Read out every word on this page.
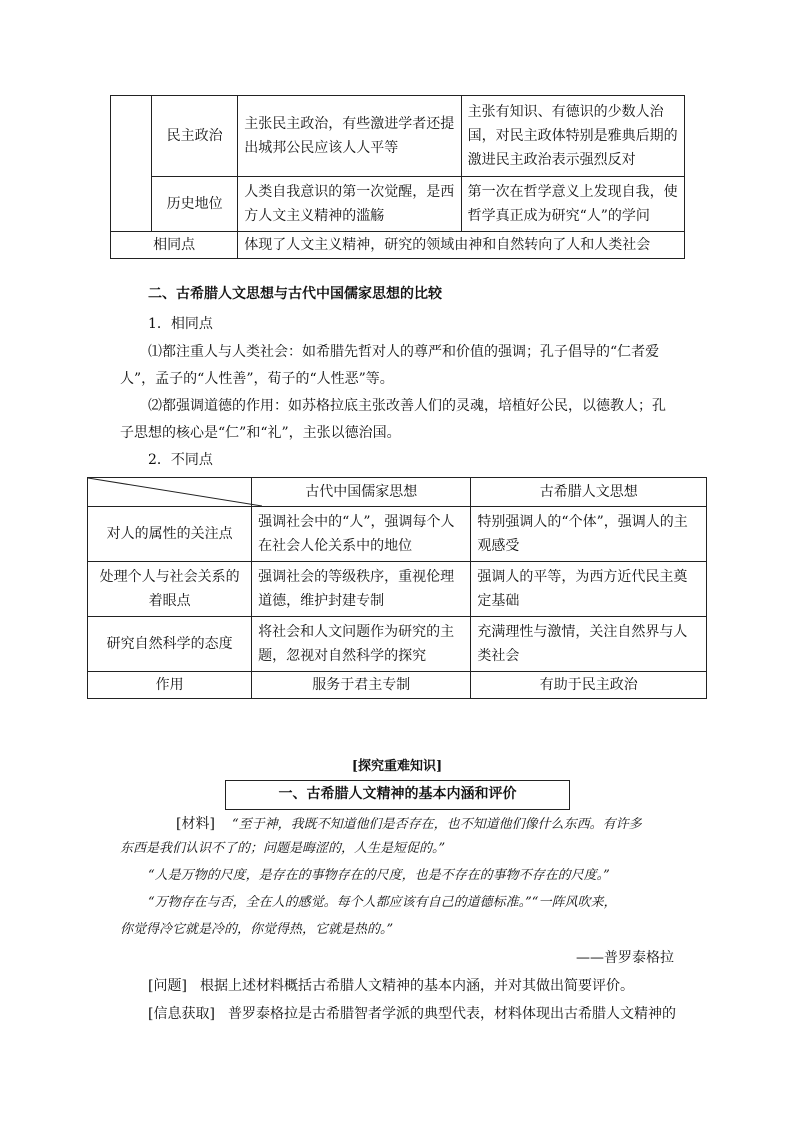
	民主政治	主张民主政治，有些激进学者还提出城邦公民应该人人平等	主张有知识、有德识的少数人治国，对民主政体特别是雅典后期的激进民主政治表示强烈反对
	历史地位	人类自我意识的第一次觉醒，是西方人文主义精神的滥觞	第一次在哲学意义上发现自我，使哲学真正成为研究“人”的学问
相同点		体现了人文主义精神，研究的领域由神和自然转向了人和人类社会	
二、古希腊人文思想与古代中国儒家思想的比较
1．相同点
⑴都注重人与人类社会：如希腊先哲对人的尊严和价值的强调；孔子倡导的“仁者爱
人”，孟子的“人性善”，荀子的“人性恶”等。
⑵都强调道德的作用：如苏格拉底主张改善人们的灵魂，培植好公民，以德教人；孔
子思想的核心是“仁”和“礼”，主张以德治国。
2．不同点
	古代中国儒家思想	古希腊人文思想
对人的属性的关注点	强调社会中的“人”，强调每个人在社会人伦关系中的地位	特别强调人的“个体”，强调人的主观感受
处理个人与社会关系的着眼点	强调社会的等级秩序，重视伦理道德，维护封建专制	强调人的平等，为西方近代民主奠定基础
研究自然科学的态度	将社会和人文问题作为研究的主题，忽视对自然科学的探究	充满理性与激情，关注自然界与人类社会
作用	服务于君主专制	有助于民主政治
[探究重难知识]
一、古希腊人文精神的基本内涵和评价
[材料] “至于神，我既不知道他们是否存在，也不知道他们像什么东西。有许多
东西是我们认识不了的；问题是晦涩的，人生是短促的。”
“人是万物的尺度，是存在的事物存在的尺度，也是不存在的事物不存在的尺度。”
“万物存在与否，全在人的感觉。每个人都应该有自己的道德标准。”“一阵风吹来，
你觉得冷它就是冷的，你觉得热，它就是热的。”
——普罗泰格拉
[问题] 根据上述材料概括古希腊人文精神的基本内涵，并对其做出简要评价。
[信息获取] 普罗泰格拉是古希腊智者学派的典型代表，材料体现出古希腊人文精神的
